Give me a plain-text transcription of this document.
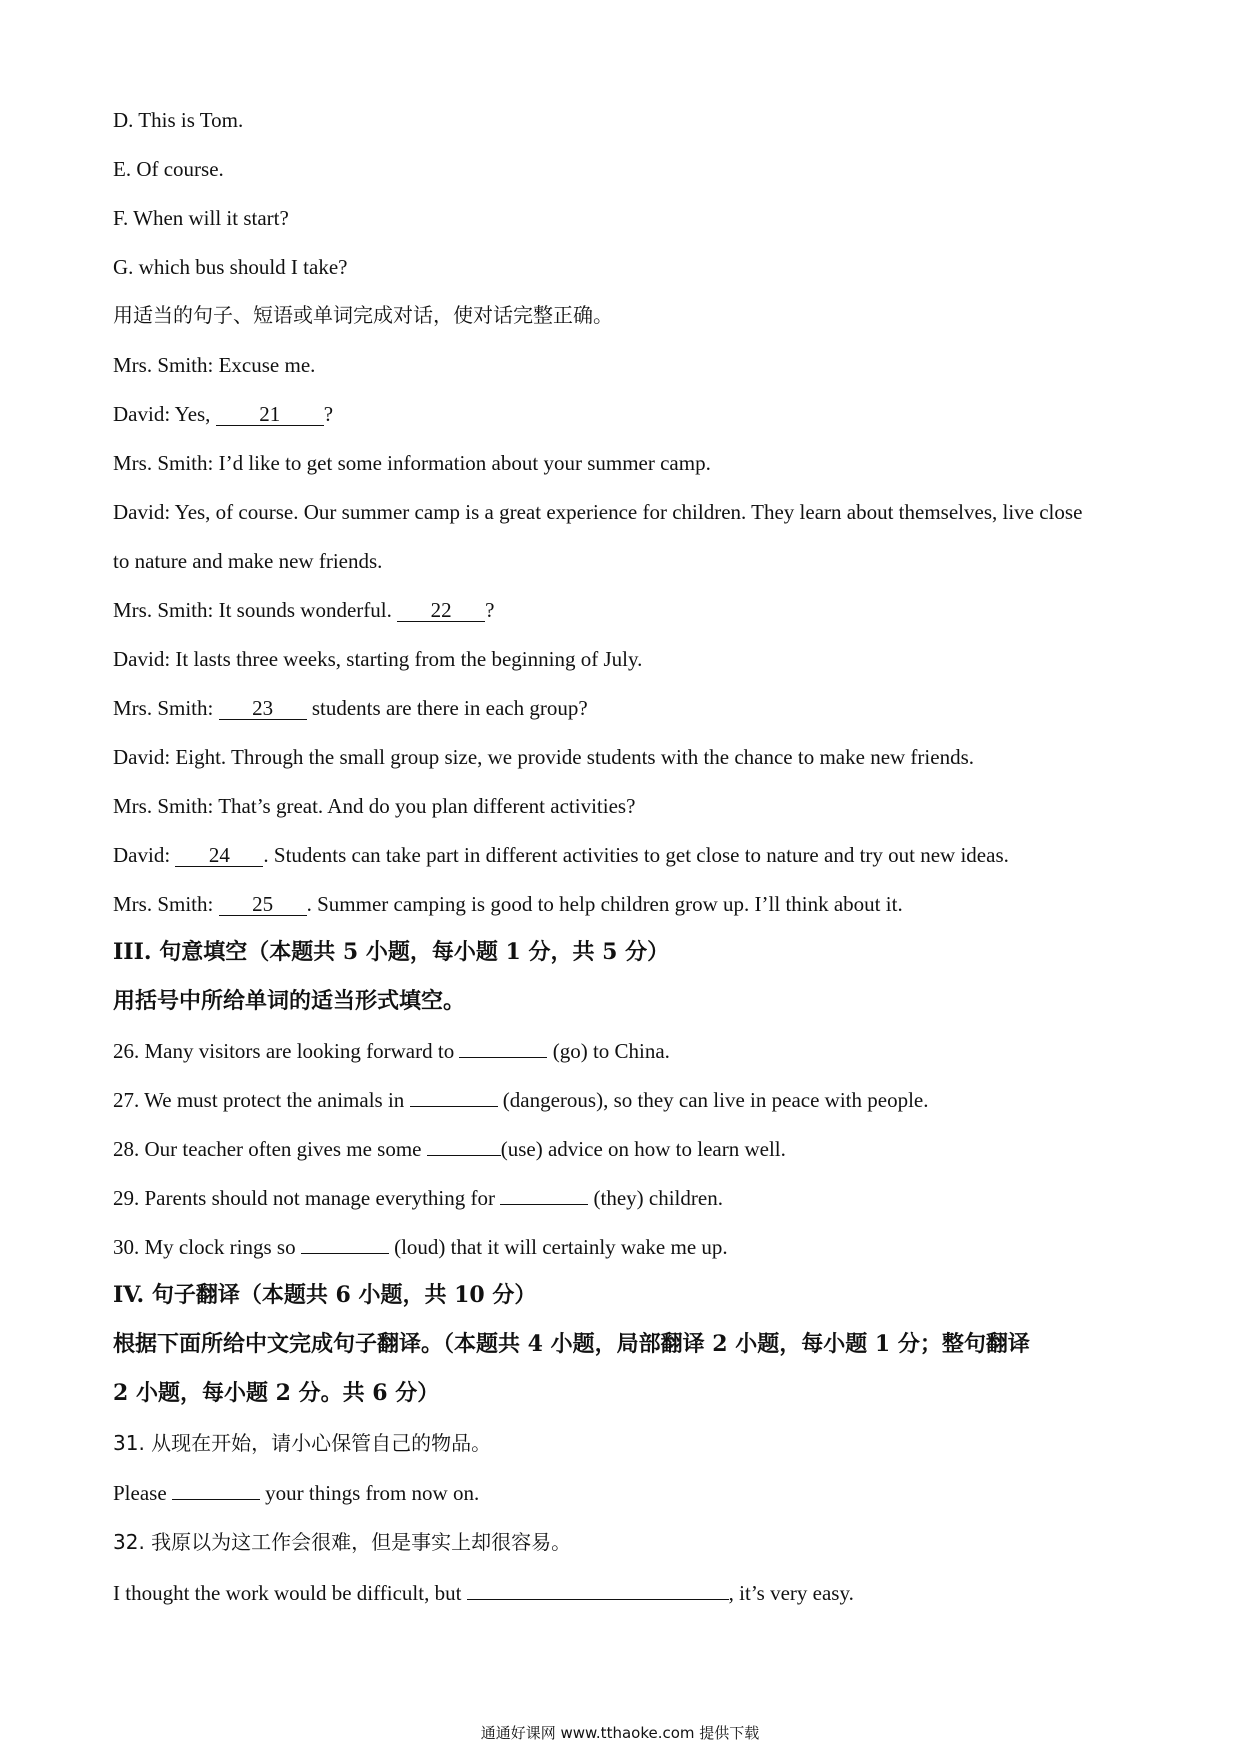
D. This is Tom.
E. Of course.
F. When will it start?
G. which bus should I take?
用适当的句子、短语或单词完成对话，使对话完整正确。
Mrs. Smith: Excuse me.
David: Yes, 21 ?
Mrs. Smith: I’d like to get some information about your summer camp.
David: Yes, of course. Our summer camp is a great experience for children. They learn about themselves, live close
to nature and make new friends.
Mrs. Smith: It sounds wonderful. 22 ?
David: It lasts three weeks, starting from the beginning of July.
Mrs. Smith: 23 students are there in each group?
David: Eight. Through the small group size, we provide students with the chance to make new friends.
Mrs. Smith: That’s great. And do you plan different activities?
David: 24 . Students can take part in different activities to get close to nature and try out new ideas.
Mrs. Smith: 25 . Summer camping is good to help children grow up. I’ll think about it.
III. 句意填空（本题共 5 小题，每小题 1 分，共 5 分）
用括号中所给单词的适当形式填空。
26. Many visitors are looking forward to	(go) to China.
27. We must protect the animals in	(dangerous), so they can live in peace with people.
28. Our teacher often gives me some	(use) advice on how to learn well.
29. Parents should not manage everything for	(they) children.
30. My clock rings so	(loud) that it will certainly wake me up.
IV. 句子翻译（本题共 6 小题，共 10 分）
根据下面所给中文完成句子翻译。（本题共 4 小题，局部翻译 2 小题，每小题 1 分；整句翻译
2 小题，每小题 2 分。共 6 分）
31. 从现在开始，请小心保管自己的物品。
Please	your things from now on.
32. 我原以为这工作会很难，但是事实上却很容易。
I thought the work would be difficult, but	, it’s very easy.
通通好课网 www.tthaoke.com 提供下载
